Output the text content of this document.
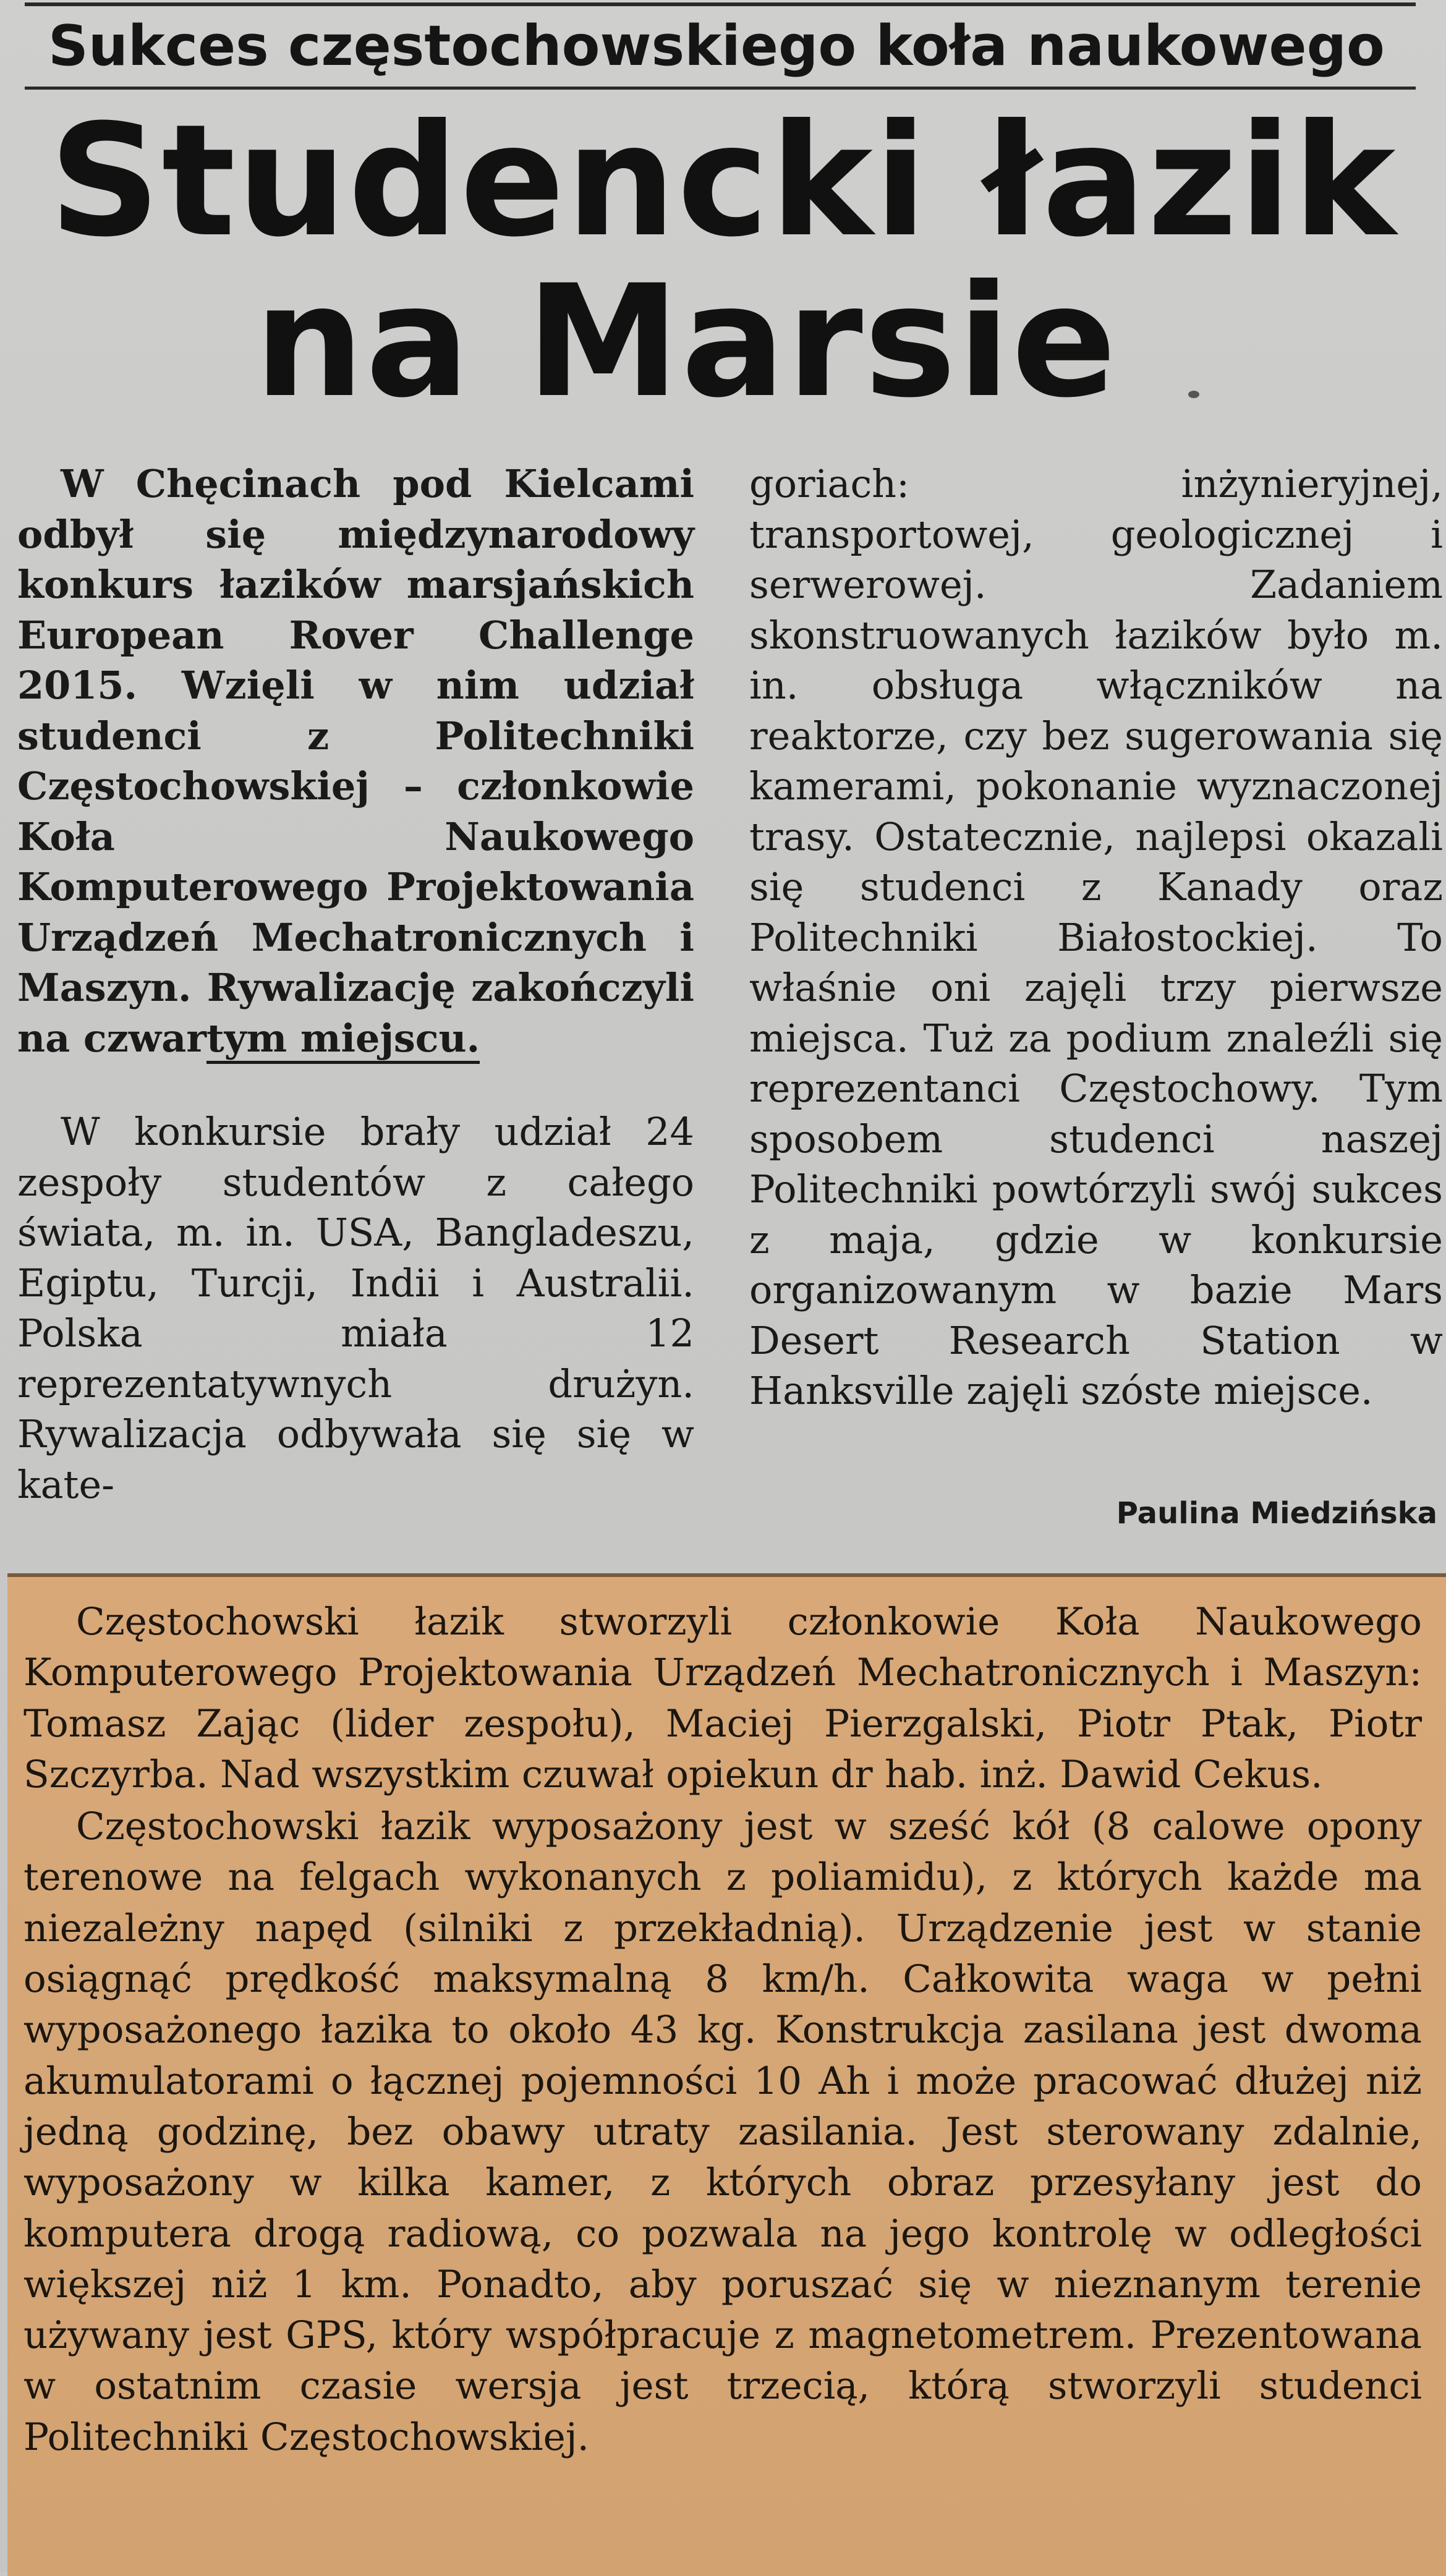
Sukces częstochowskiego koła naukowego
Studencki łazik
na Marsie

W Chęcinach pod Kielcami odbył się międzynarodowy konkurs łazików marsjańskich European Rover Challenge 2015. Wzięli w nim udział studenci z Politechniki Częstochowskiej – członkowie Koła Naukowego Komputerowego Projektowania Urządzeń Mechatronicznych i Maszyn. Rywalizację zakończyli na czwartym miejscu.

W konkursie brały udział 24 zespoły studentów z całego świata, m. in. USA, Bangladeszu, Egiptu, Turcji, Indii i Australii. Polska miała 12 reprezentatywnych drużyn. Rywalizacja odbywała się się w kate-

goriach: inżynieryjnej, transportowej, geologicznej i serwerowej. Zadaniem skonstruowanych łazików było m. in. obsługa włączników na reaktorze, czy bez sugerowania się kamerami, pokonanie wyznaczonej trasy. Ostatecznie, najlepsi okazali się studenci z Kanady oraz Politechniki Białostockiej. To właśnie oni zajęli trzy pierwsze miejsca. Tuż za podium znaleźli się reprezentanci Częstochowy. Tym sposobem studenci naszej Politechniki powtórzyli swój sukces z maja, gdzie w konkursie organizowanym w bazie Mars Desert Research Station w Hanksville zajęli szóste miejsce.

Paulina Miedzińska

Częstochowski łazik stworzyli członkowie Koła Naukowego Komputerowego Projektowania Urządzeń Mechatronicznych i Maszyn: Tomasz Zając (lider zespołu), Maciej Pierzgalski, Piotr Ptak, Piotr Szczyrba. Nad wszystkim czuwał opiekun dr hab. inż. Dawid Cekus.

Częstochowski łazik wyposażony jest w sześć kół (8 calowe opony terenowe na felgach wykonanych z poliamidu), z których każde ma niezależny napęd (silniki z przekładnią). Urządzenie jest w stanie osiągnąć prędkość maksymalną 8 km/h. Całkowita waga w pełni wyposażonego łazika to około 43 kg. Konstrukcja zasilana jest dwoma akumulatorami o łącznej pojemności 10 Ah i może pracować dłużej niż jedną godzinę, bez obawy utraty zasilania. Jest sterowany zdalnie, wyposażony w kilka kamer, z których obraz przesyłany jest do komputera drogą radiową, co pozwala na jego kontrolę w odległości większej niż 1 km. Ponadto, aby poruszać się w nieznanym terenie używany jest GPS, który współpracuje z magnetometrem. Prezentowana w ostatnim czasie wersja jest trzecią, którą stworzyli studenci Politechniki Częstochowskiej.
